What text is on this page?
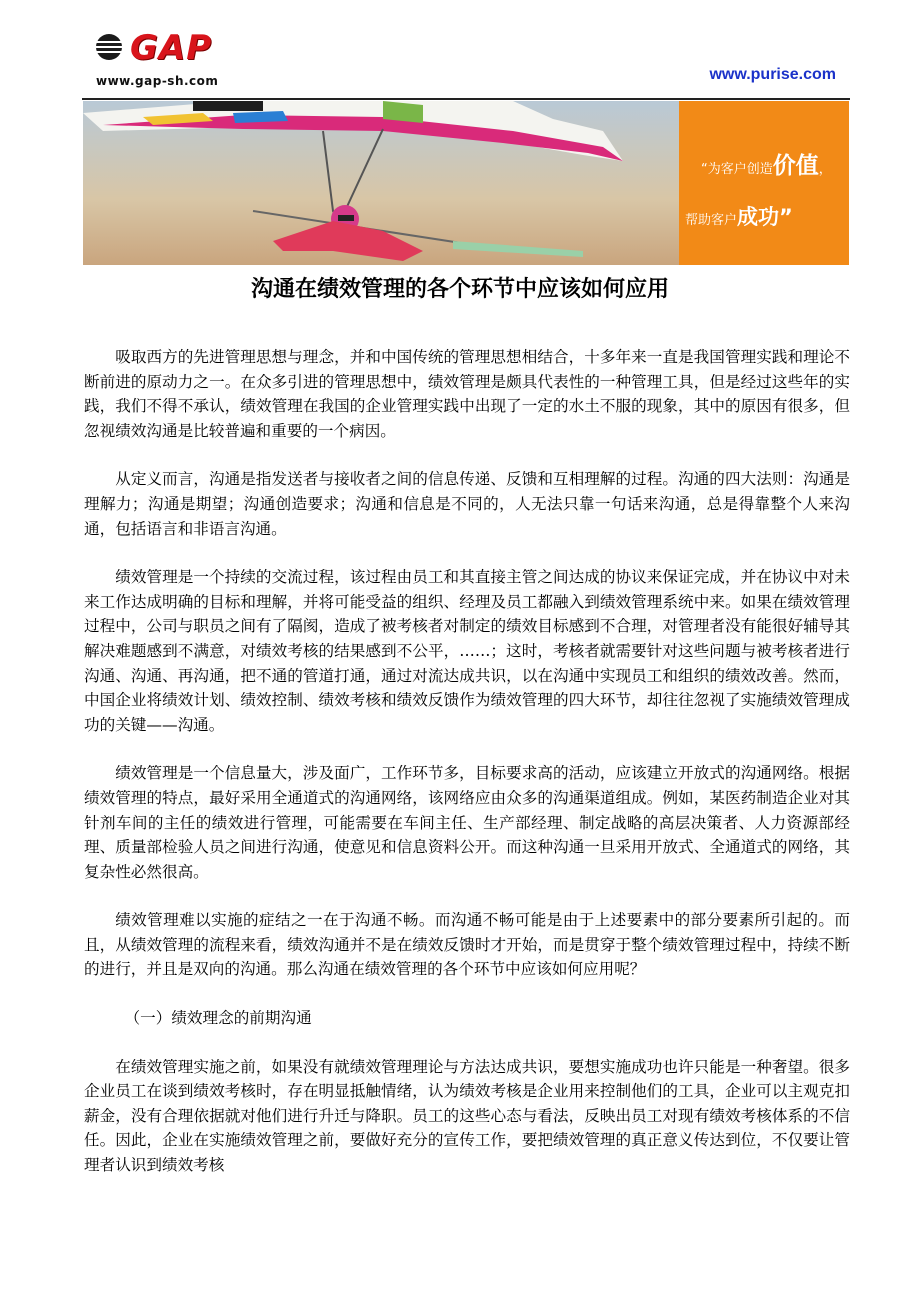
GAP
www.gap-sh.com	www.purise.com
“为客户创造价值，
帮助客户成功”
沟通在绩效管理的各个环节中应该如何应用

吸取西方的先进管理思想与理念，并和中国传统的管理思想相结合，十多年来一直是我国管理实践和理论不断前进的原动力之一。在众多引进的管理思想中，绩效管理是颇具代表性的一种管理工具，但是经过这些年的实践，我们不得不承认，绩效管理在我国的企业管理实践中出现了一定的水土不服的现象，其中的原因有很多，但忽视绩效沟通是比较普遍和重要的一个病因。

从定义而言，沟通是指发送者与接收者之间的信息传递、反馈和互相理解的过程。沟通的四大法则：沟通是理解力；沟通是期望；沟通创造要求；沟通和信息是不同的，人无法只靠一句话来沟通，总是得靠整个人来沟通，包括语言和非语言沟通。

绩效管理是一个持续的交流过程，该过程由员工和其直接主管之间达成的协议来保证完成，并在协议中对未来工作达成明确的目标和理解，并将可能受益的组织、经理及员工都融入到绩效管理系统中来。如果在绩效管理过程中，公司与职员之间有了隔阂，造成了被考核者对制定的绩效目标感到不合理，对管理者没有能很好辅导其解决难题感到不满意，对绩效考核的结果感到不公平，……；这时，考核者就需要针对这些问题与被考核者进行沟通、沟通、再沟通，把不通的管道打通，通过对流达成共识，以在沟通中实现员工和组织的绩效改善。然而，中国企业将绩效计划、绩效控制、绩效考核和绩效反馈作为绩效管理的四大环节，却往往忽视了实施绩效管理成功的关键——沟通。

绩效管理是一个信息量大，涉及面广，工作环节多，目标要求高的活动，应该建立开放式的沟通网络。根据绩效管理的特点，最好采用全通道式的沟通网络，该网络应由众多的沟通渠道组成。例如，某医药制造企业对其针剂车间的主任的绩效进行管理，可能需要在车间主任、生产部经理、制定战略的高层决策者、人力资源部经理、质量部检验人员之间进行沟通，使意见和信息资料公开。而这种沟通一旦采用开放式、全通道式的网络，其复杂性必然很高。

绩效管理难以实施的症结之一在于沟通不畅。而沟通不畅可能是由于上述要素中的部分要素所引起的。而且，从绩效管理的流程来看，绩效沟通并不是在绩效反馈时才开始，而是贯穿于整个绩效管理过程中，持续不断的进行，并且是双向的沟通。那么沟通在绩效管理的各个环节中应该如何应用呢？

（一）绩效理念的前期沟通

在绩效管理实施之前，如果没有就绩效管理理论与方法达成共识，要想实施成功也许只能是一种奢望。很多企业员工在谈到绩效考核时，存在明显抵触情绪，认为绩效考核是企业用来控制他们的工具，企业可以主观克扣薪金，没有合理依据就对他们进行升迁与降职。员工的这些心态与看法，反映出员工对现有绩效考核体系的不信任。因此，企业在实施绩效管理之前，要做好充分的宣传工作，要把绩效管理的真正意义传达到位，不仅要让管理者认识到绩效考核
